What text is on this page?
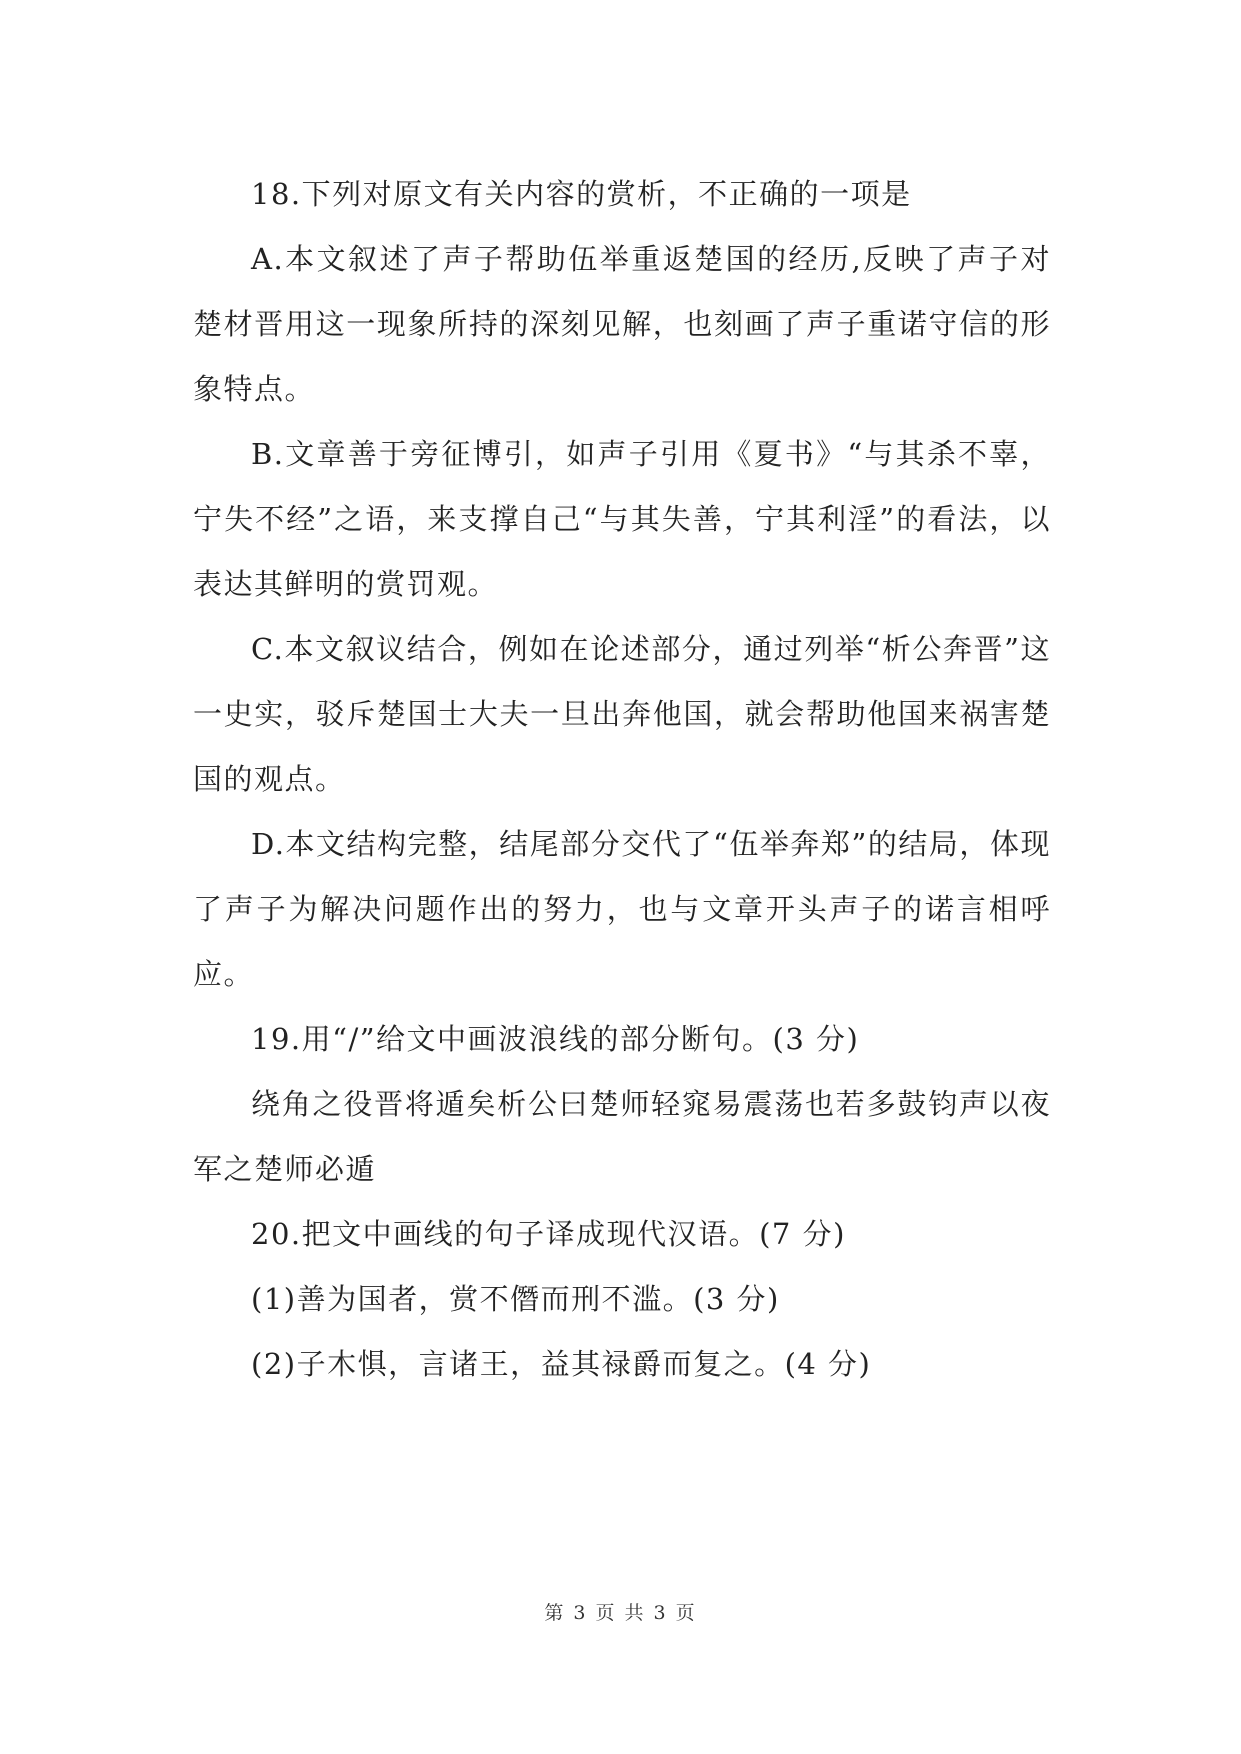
18.下列对原文有关内容的赏析，不正确的一项是

A.本文叙述了声子帮助伍举重返楚国的经历,反映了声子对楚材晋用这一现象所持的深刻见解，也刻画了声子重诺守信的形象特点。

B.文章善于旁征博引，如声子引用《夏书》“与其杀不辜，宁失不经”之语，来支撑自己“与其失善，宁其利淫”的看法，以表达其鲜明的赏罚观。

C.本文叙议结合，例如在论述部分，通过列举“析公奔晋”这一史实，驳斥楚国士大夫一旦出奔他国，就会帮助他国来祸害楚国的观点。

D.本文结构完整，结尾部分交代了“伍举奔郑”的结局，体现了声子为解决问题作出的努力，也与文章开头声子的诺言相呼应。

19.用“/”给文中画波浪线的部分断句。(3 分)

绕角之役晋将遁矣析公曰楚师轻窕易震荡也若多鼓钧声以夜军之楚师必遁

20.把文中画线的句子译成现代汉语。(7 分)

(1)善为国者，赏不僭而刑不滥。(3 分)

(2)子木惧，言诸王，益其禄爵而复之。(4 分)

第 3 页 共 3 页
